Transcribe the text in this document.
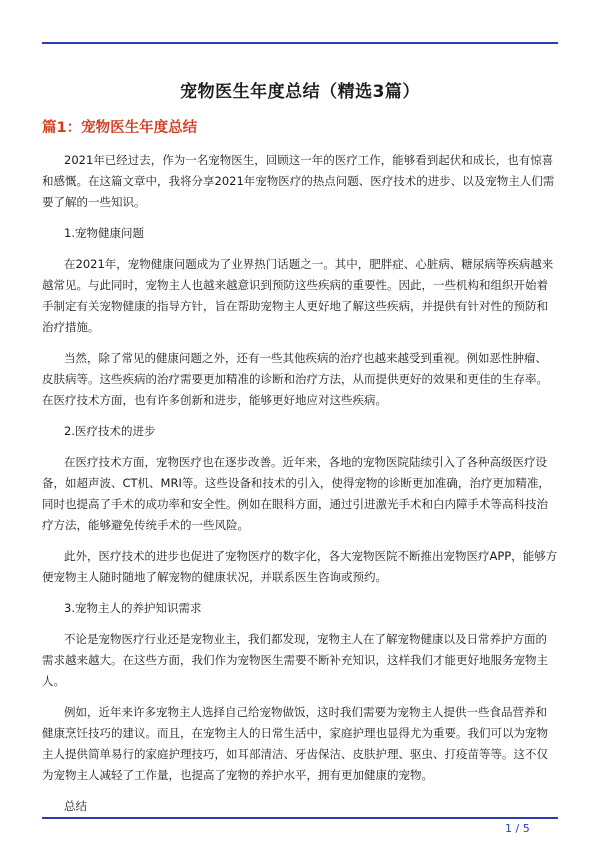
宠物医生年度总结（精选3篇）
篇1：宠物医生年度总结

2021年已经过去，作为一名宠物医生，回顾这一年的医疗工作，能够看到起伏和成长，也有惊喜和感慨。在这篇文章中，我将分享2021年宠物医疗的热点问题、医疗技术的进步、以及宠物主人们需要了解的一些知识。

1.宠物健康问题

在2021年，宠物健康问题成为了业界热门话题之一。其中，肥胖症、心脏病、糖尿病等疾病越来越常见。与此同时，宠物主人也越来越意识到预防这些疾病的重要性。因此，一些机构和组织开始着手制定有关宠物健康的指导方针，旨在帮助宠物主人更好地了解这些疾病，并提供有针对性的预防和治疗措施。

当然，除了常见的健康问题之外，还有一些其他疾病的治疗也越来越受到重视。例如恶性肿瘤、皮肤病等。这些疾病的治疗需要更加精准的诊断和治疗方法，从而提供更好的效果和更佳的生存率。在医疗技术方面，也有许多创新和进步，能够更好地应对这些疾病。

2.医疗技术的进步

在医疗技术方面，宠物医疗也在逐步改善。近年来，各地的宠物医院陆续引入了各种高级医疗设备，如超声波、CT机、MRI等。这些设备和技术的引入，使得宠物的诊断更加准确，治疗更加精准，同时也提高了手术的成功率和安全性。例如在眼科方面，通过引进激光手术和白内障手术等高科技治疗方法，能够避免传统手术的一些风险。

此外，医疗技术的进步也促进了宠物医疗的数字化，各大宠物医院不断推出宠物医疗APP，能够方便宠物主人随时随地了解宠物的健康状况，并联系医生咨询或预约。

3.宠物主人的养护知识需求

不论是宠物医疗行业还是宠物业主，我们都发现，宠物主人在了解宠物健康以及日常养护方面的需求越来越大。在这些方面，我们作为宠物医生需要不断补充知识，这样我们才能更好地服务宠物主人。

例如，近年来许多宠物主人选择自己给宠物做饭，这时我们需要为宠物主人提供一些食品营养和健康烹饪技巧的建议。而且，在宠物主人的日常生活中，家庭护理也显得尤为重要。我们可以为宠物主人提供简单易行的家庭护理技巧，如耳部清洁、牙齿保洁、皮肤护理、驱虫、打疫苗等等。这不仅为宠物主人减轻了工作量，也提高了宠物的养护水平，拥有更加健康的宠物。

总结

1 / 5
